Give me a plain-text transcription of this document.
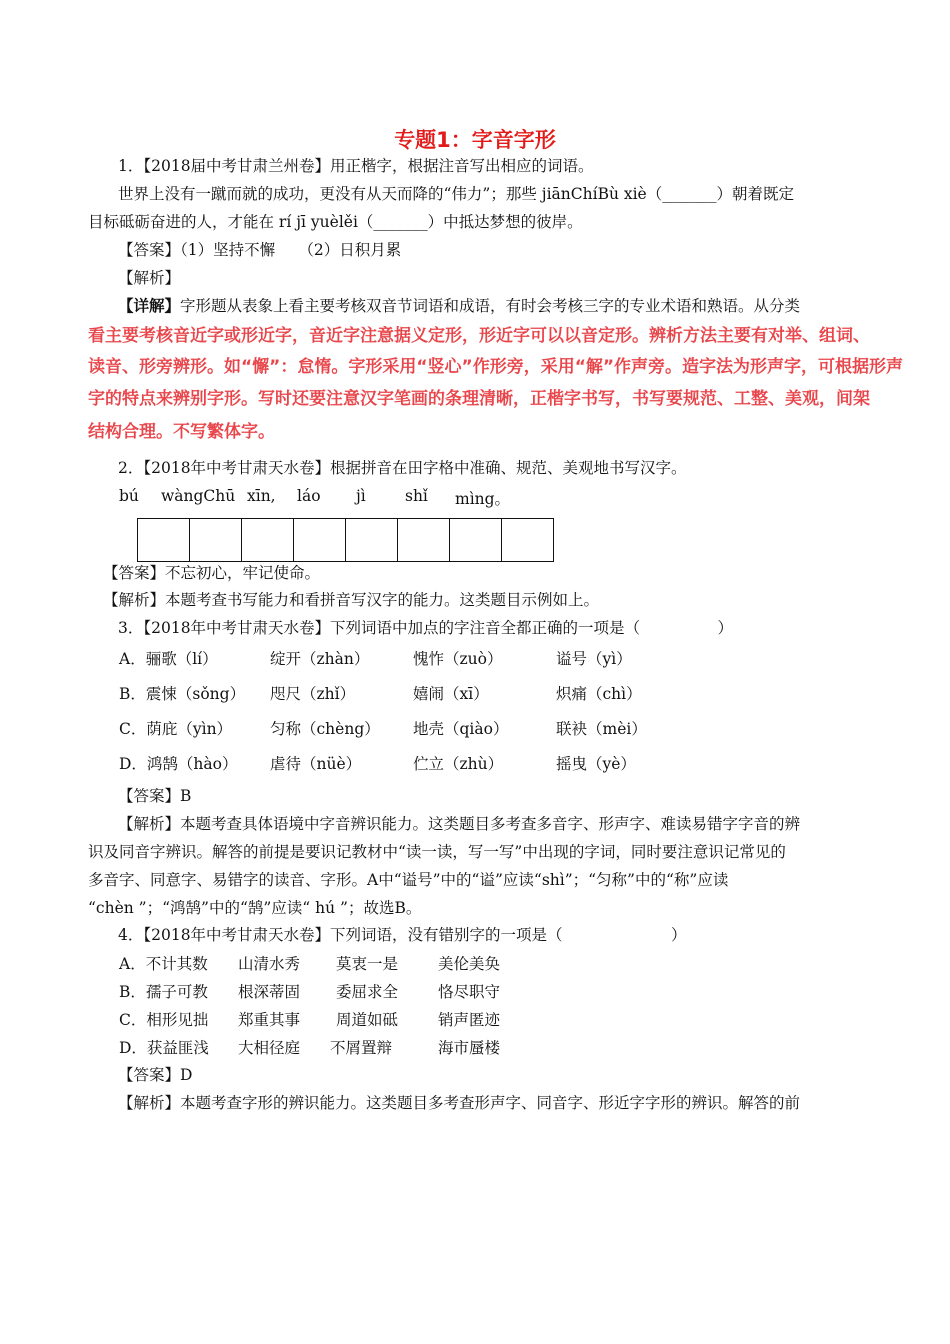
专题1：字音字形
1．【2018届中考甘肃兰州卷】用正楷字，根据注音写出相应的词语。
世界上没有一蹴而就的成功，更没有从天而降的“伟力”；那些 jiānChíBù xiè（_______）朝着既定
目标砥砺奋进的人，才能在 rí jī yuèlěi（_______）中抵达梦想的彼岸。
【答案】（1）坚持不懈　　（2）日积月累
【解析】
【详解】字形题从表象上看主要考核双音节词语和成语，有时会考核三字的专业术语和熟语。从分类
看主要考核音近字或形近字，音近字注意据义定形，形近字可以以音定形。辨析方法主要有对举、组词、
读音、形旁辨形。如“懈”：怠惰。字形采用“竖心”作形旁，采用“解”作声旁。造字法为形声字，可根据形声
字的特点来辨别字形。写时还要注意汉字笔画的条理清晰，正楷字书写，书写要规范、工整、美观，间架
结构合理。不写繁体字。
2．【2018年中考甘肃天水卷】根据拼音在田字格中准确、规范、美观地书写汉字。
bú wàngChū xīn, láo jì	shǐ mìng。
【答案】不忘初心，牢记使命。
【解析】本题考查书写能力和看拼音写汉字的能力。这类题目示例如上。
3．【2018年中考甘肃天水卷】下列词语中加点的字注音全都正确的一项是（　　　　　）
A．骊歌（lí）	绽开（zhàn）	愧怍（zuò）	谥号（yì）
B．震悚（sǒng） 咫尺（zhǐ）	嬉闹（xī）	炽痛（chì）
C．荫庇（yìn） 匀称（chèng） 地壳（qiào）	联袂（mèi）
D．鸿鹄（hào） 虐待（nüè）	伫立（zhù）	摇曳（yè）
【答案】B
【解析】本题考查具体语境中字音辨识能力。这类题目多考查多音字、形声字、难读易错字字音的辨
识及同音字辨识。解答的前提是要识记教材中“读一读，写一写”中出现的字词，同时要注意识记常见的
多音字、同意字、易错字的读音、字形。A中“谥号”中的“谥”应读“shì”；“匀称”中的“称”应读
“chèn ”；“鸿鹄”中的“鹄”应读“ hú ”；故选B。
4．【2018年中考甘肃天水卷】下列词语，没有错别字的一项是（　　　　　　　）
A．不计其数 山清水秀 莫衷一是	美伦美奂
B．孺子可教 根深蒂固 委屈求全	恪尽职守
C．相形见拙 郑重其事 周道如砥	销声匿迹
D．获益匪浅 大相径庭 不屑置辩	海市蜃楼
【答案】D
【解析】本题考查字形的辨识能力。这类题目多考查形声字、同音字、形近字字形的辨识。解答的前
